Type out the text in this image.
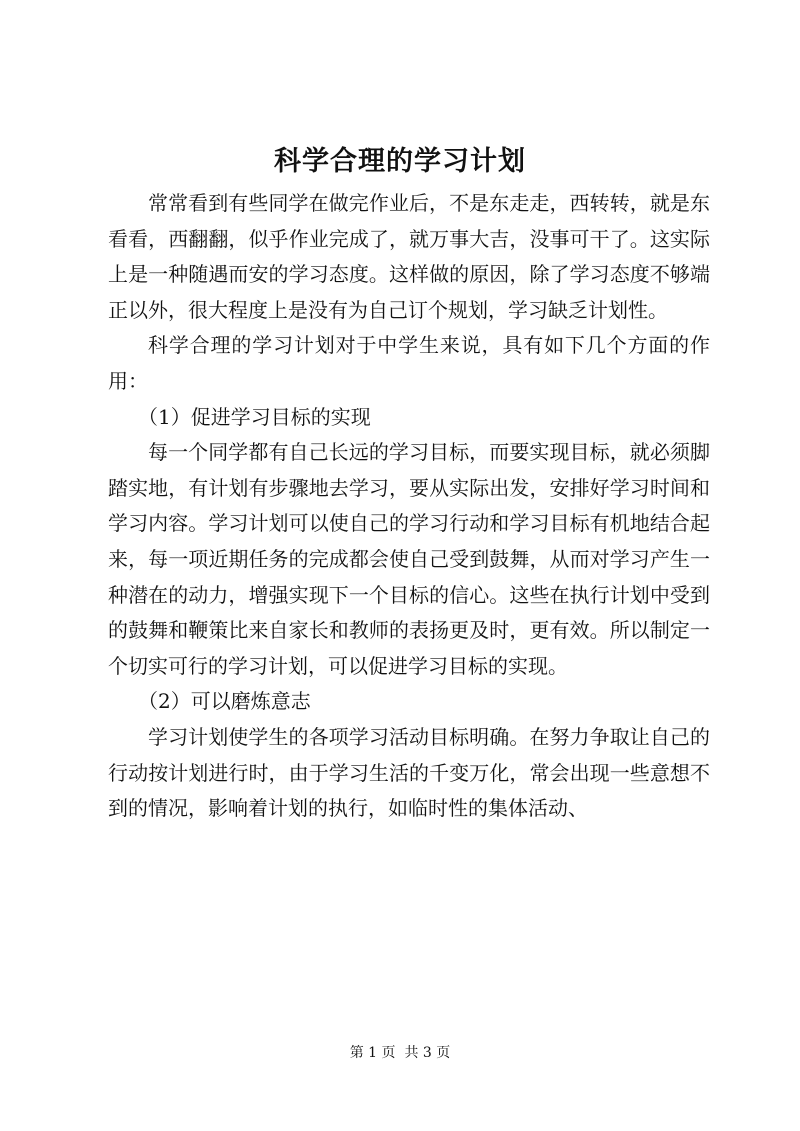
科学合理的学习计划

常常看到有些同学在做完作业后，不是东走走，西转转，就是东看看，西翻翻，似乎作业完成了，就万事大吉，没事可干了。这实际上是一种随遇而安的学习态度。这样做的原因，除了学习态度不够端正以外，很大程度上是没有为自己订个规划，学习缺乏计划性。

科学合理的学习计划对于中学生来说，具有如下几个方面的作用：

（1）促进学习目标的实现

每一个同学都有自己长远的学习目标，而要实现目标，就必须脚踏实地，有计划有步骤地去学习，要从实际出发，安排好学习时间和学习内容。学习计划可以使自己的学习行动和学习目标有机地结合起来，每一项近期任务的完成都会使自己受到鼓舞，从而对学习产生一种潜在的动力，增强实现下一个目标的信心。这些在执行计划中受到的鼓舞和鞭策比来自家长和教师的表扬更及时，更有效。所以制定一个切实可行的学习计划，可以促进学习目标的实现。

（2）可以磨炼意志

学习计划使学生的各项学习活动目标明确。在努力争取让自己的行动按计划进行时，由于学习生活的千变万化，常会出现一些意想不到的情况，影响着计划的执行，如临时性的集体活动、

第 1 页  共 3 页
